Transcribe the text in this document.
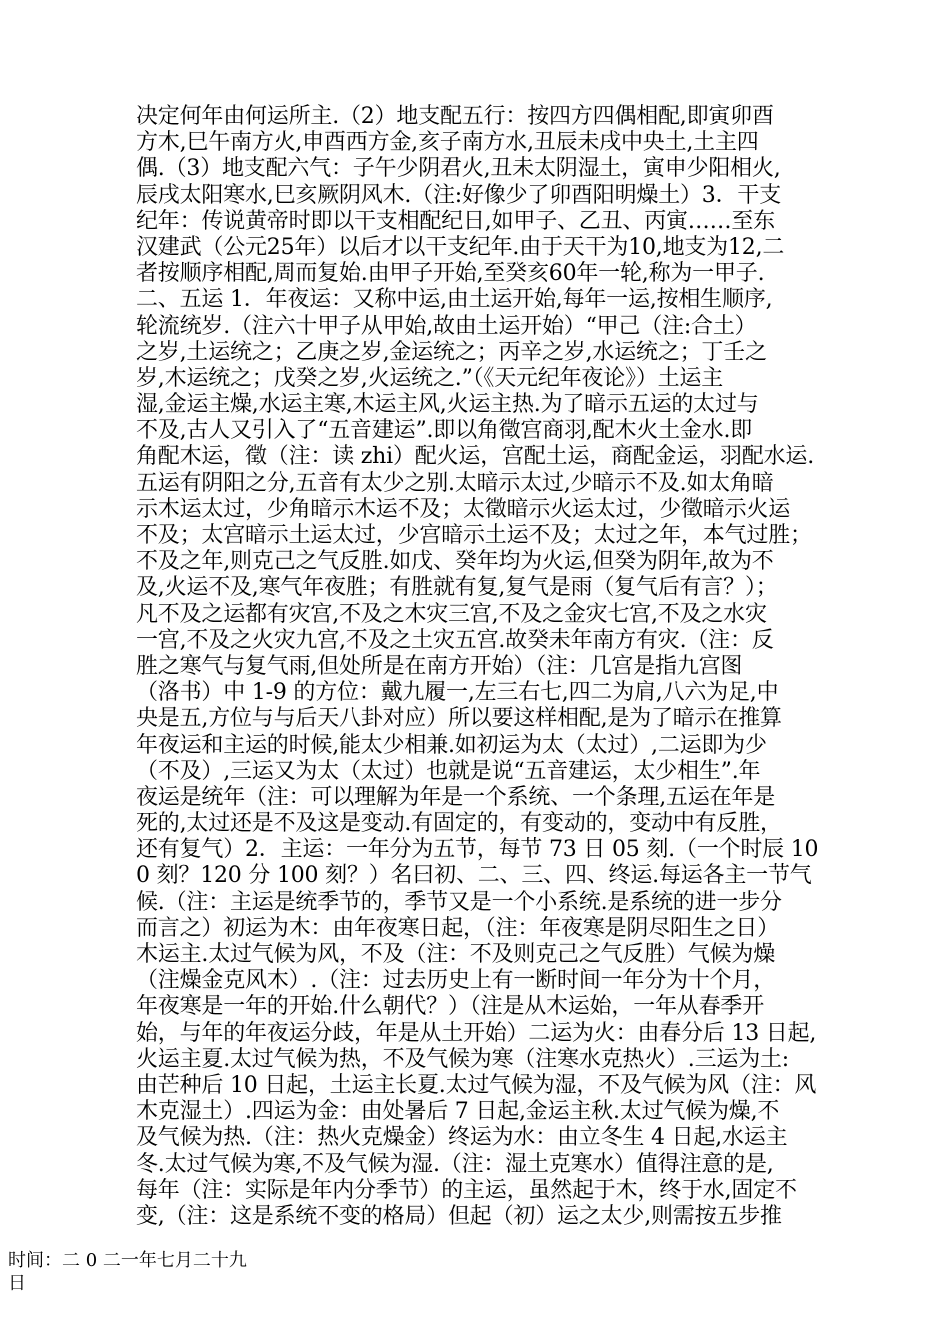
决定何年由何运所主.（2）地支配五行：按四方四偶相配,即寅卯酉
方木,巳午南方火,申酉西方金,亥子南方水,丑辰未戌中央土,土主四
偶.（3）地支配六气：子午少阴君火,丑未太阴湿土，寅申少阳相火,
辰戌太阳寒水,巳亥厥阴风木.（注:好像少了卯酉阳明燥土）3．干支
纪年：传说黄帝时即以干支相配纪日,如甲子、乙丑、丙寅……至东
汉建武（公元25年）以后才以干支纪年.由于天干为10,地支为12,二
者按顺序相配,周而复始.由甲子开始,至癸亥60年一轮,称为一甲子.
二、五运 1．年夜运：又称中运,由土运开始,每年一运,按相生顺序,
轮流统岁.（注六十甲子从甲始,故由土运开始）“甲己（注:合土）
之岁,土运统之；乙庚之岁,金运统之；丙辛之岁,水运统之；丁壬之
岁,木运统之；戊癸之岁,火运统之.”（《天元纪年夜论》）土运主
湿,金运主燥,水运主寒,木运主风,火运主热.为了暗示五运的太过与
不及,古人又引入了“五音建运”.即以角徵宫商羽,配木火土金水.即
角配木运，徵（注：读 zhi）配火运，宫配土运，商配金运，羽配水运.
五运有阴阳之分,五音有太少之别.太暗示太过,少暗示不及.如太角暗
示木运太过，少角暗示木运不及；太徵暗示火运太过，少徵暗示火运
不及；太宫暗示土运太过，少宫暗示土运不及；太过之年，本气过胜；
不及之年,则克己之气反胜.如戊、癸年均为火运,但癸为阴年,故为不
及,火运不及,寒气年夜胜；有胜就有复,复气是雨（复气后有言？）；
凡不及之运都有灾宫,不及之木灾三宫,不及之金灾七宫,不及之水灾
一宫,不及之火灾九宫,不及之土灾五宫.故癸未年南方有灾.（注：反
胜之寒气与复气雨,但处所是在南方开始）（注：几宫是指九宫图
（洛书）中 1-9 的方位：戴九履一,左三右七,四二为肩,八六为足,中
央是五,方位与与后天八卦对应）所以要这样相配,是为了暗示在推算
年夜运和主运的时候,能太少相兼.如初运为太（太过）,二运即为少
（不及）,三运又为太（太过）也就是说“五音建运，太少相生”.年
夜运是统年（注：可以理解为年是一个系统、一个条理,五运在年是
死的,太过还是不及这是变动.有固定的，有变动的，变动中有反胜，
还有复气）2．主运：一年分为五节，每节 73 日 05 刻.（一个时辰 10
0 刻？120 分 100 刻？）名曰初、二、三、四、终运.每运各主一节气
候.（注：主运是统季节的，季节又是一个小系统.是系统的进一步分
而言之）初运为木：由年夜寒日起，（注：年夜寒是阴尽阳生之日）
木运主.太过气候为风，不及（注：不及则克己之气反胜）气候为燥
（注燥金克风木）.（注：过去历史上有一断时间一年分为十个月，
年夜寒是一年的开始.什么朝代？）（注是从木运始，一年从春季开
始，与年的年夜运分歧，年是从土开始）二运为火：由春分后 13 日起,
火运主夏.太过气候为热，不及气候为寒（注寒水克热火）.三运为土:
由芒种后 10 日起，土运主长夏.太过气候为湿，不及气候为风（注：风
木克湿土）.四运为金：由处暑后 7 日起,金运主秋.太过气候为燥,不
及气候为热.（注：热火克燥金）终运为水：由立冬生 4 日起,水运主
冬.太过气候为寒,不及气候为湿.（注：湿土克寒水）值得注意的是,
每年（注：实际是年内分季节）的主运，虽然起于木，终于水,固定不
变,（注：这是系统不变的格局）但起（初）运之太少,则需按五步推
时间：二 0 二一年七月二十九
日
